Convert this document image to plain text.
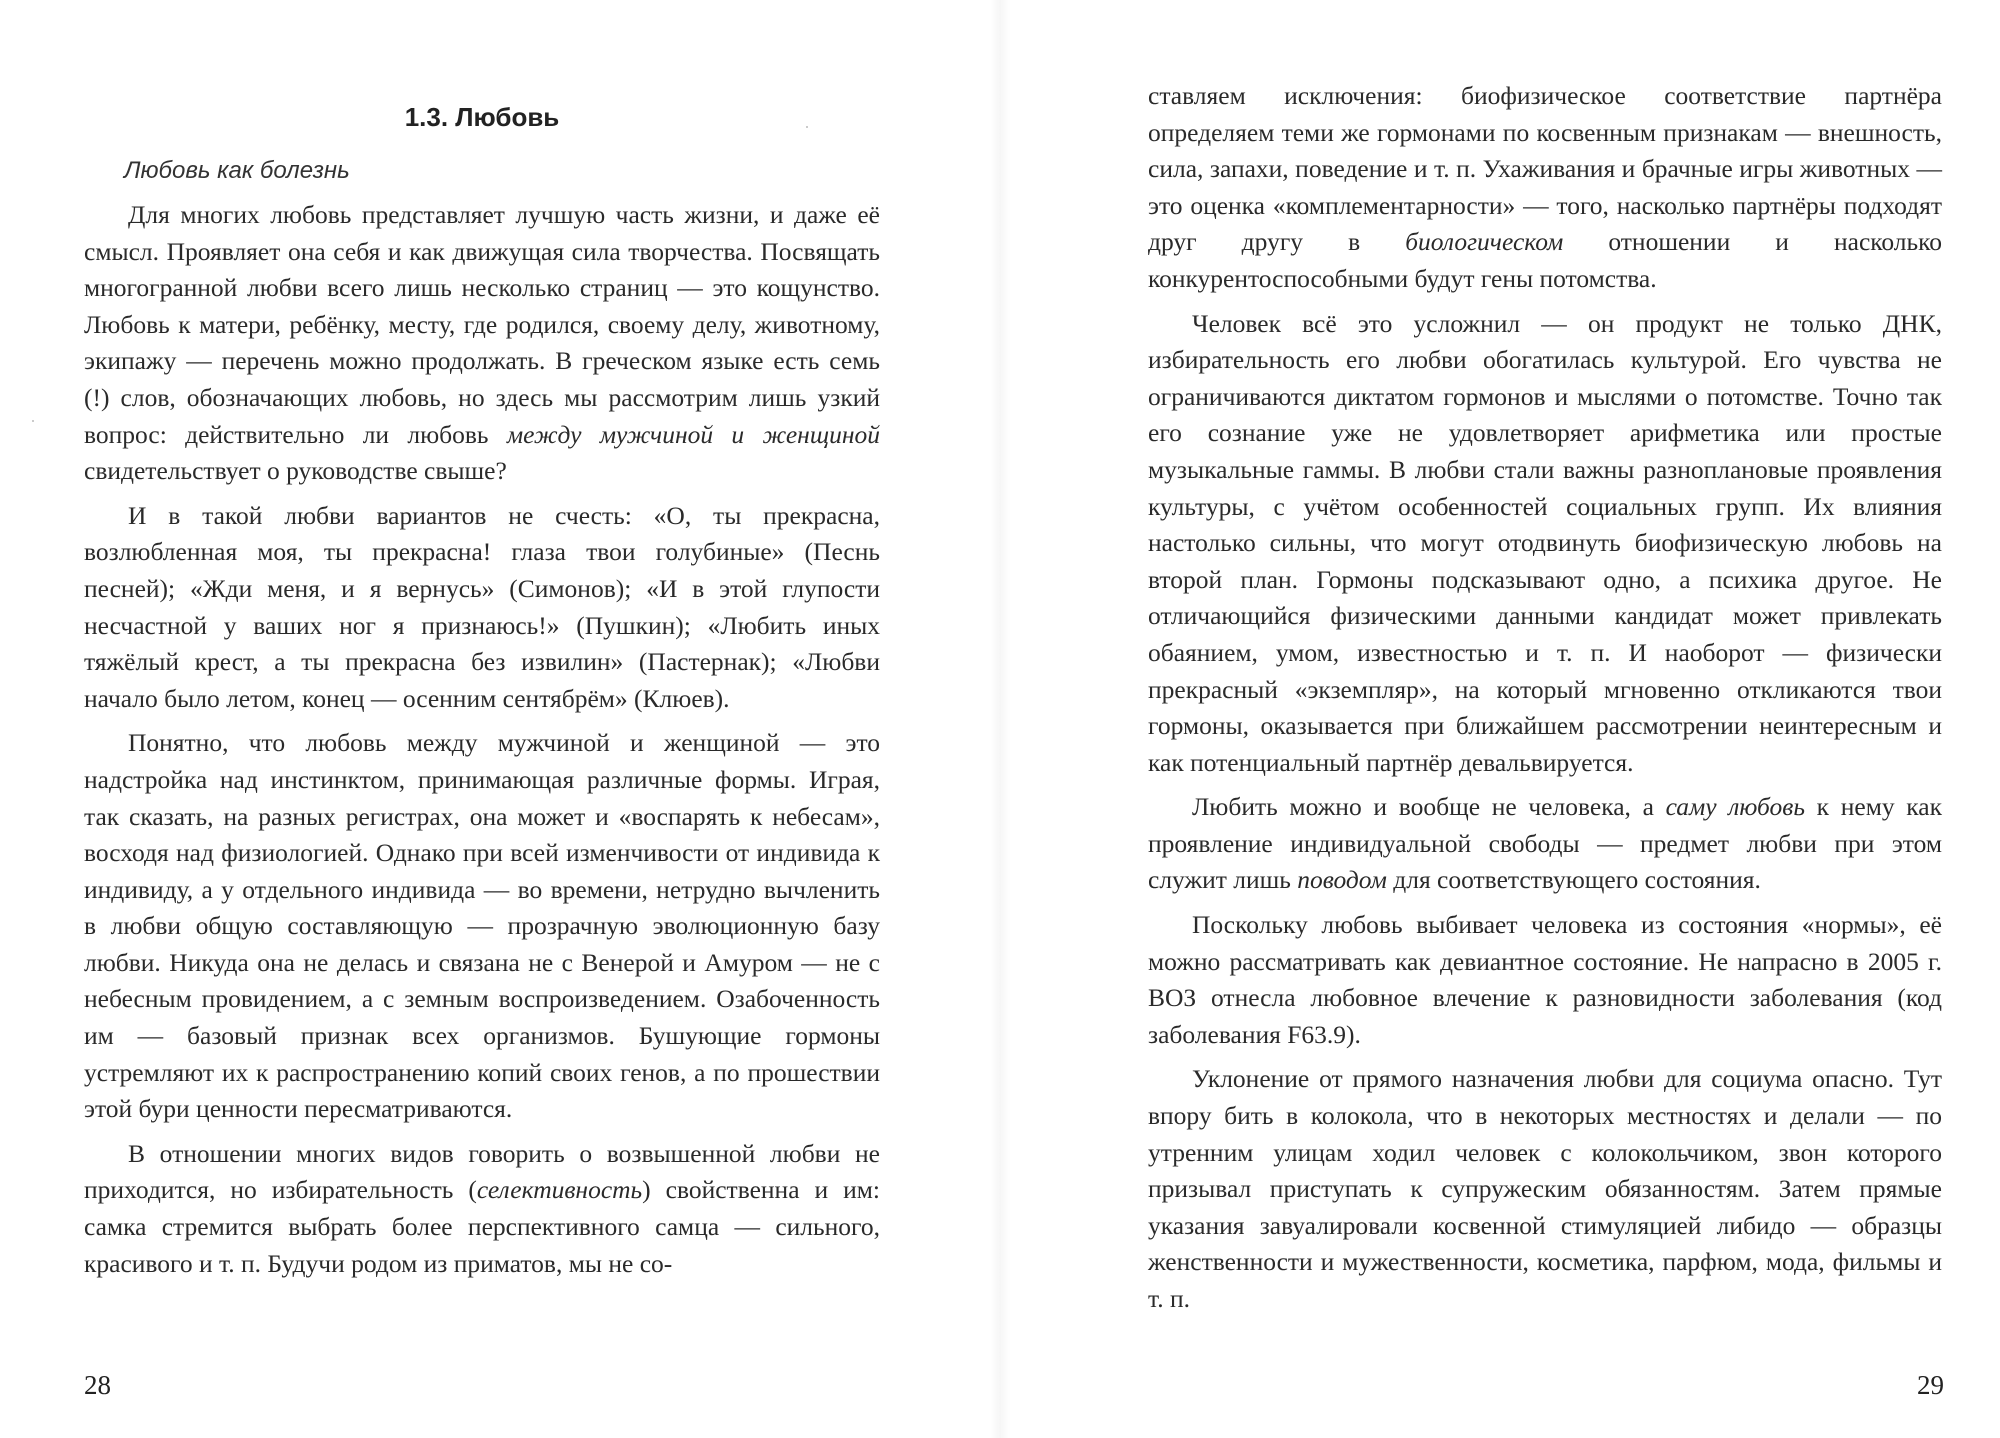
1.3. Любовь
Любовь как болезнь

Для многих любовь представляет лучшую часть жизни, и даже её смысл. Проявляет она себя и как движущая сила творчества. Посвящать многогранной любви всего лишь несколько страниц — это кощунство. Любовь к матери, ребёнку, месту, где родился, своему делу, животному, экипажу — перечень можно продолжать. В греческом языке есть семь (!) слов, обозначающих любовь, но здесь мы рассмотрим лишь узкий вопрос: действительно ли любовь между мужчиной и женщиной свидетельствует о руководстве свыше?

И в такой любви вариантов не счесть: «О, ты прекрасна, возлюбленная моя, ты прекрасна! глаза твои голубиные» (Песнь песней); «Жди меня, и я вернусь» (Симонов); «И в этой глупости несчастной у ваших ног я признаюсь!» (Пушкин); «Любить иных тяжёлый крест, а ты прекрасна без извилин» (Пастернак); «Любви начало было летом, конец — осенним сентябрём» (Клюев).

Понятно, что любовь между мужчиной и женщиной — это надстройка над инстинктом, принимающая различные формы. Играя, так сказать, на разных регистрах, она может и «воспарять к небесам», восходя над физиологией. Однако при всей изменчивости от индивида к индивиду, а у отдельного индивида — во времени, нетрудно вычленить в любви общую составляющую — прозрачную эволюционную базу любви. Никуда она не делась и связана не с Венерой и Амуром — не с небесным провидением, а с земным воспроизведением. Озабоченность им — базовый признак всех организмов. Бушующие гормоны устремляют их к распространению копий своих генов, а по прошествии этой бури ценности пересматриваются.

В отношении многих видов говорить о возвышенной любви не приходится, но избирательность (селективность) свойственна и им: самка стремится выбрать более перспективного самца — сильного, красивого и т. п. Будучи родом из приматов, мы не со-

28

ставляем исключения: биофизическое соответствие партнёра определяем теми же гормонами по косвенным признакам — внешность, сила, запахи, поведение и т. п. Ухаживания и брачные игры животных — это оценка «комплементарности» — того, насколько партнёры подходят друг другу в биологическом отношении и насколько конкурентоспособными будут гены потомства.

Человек всё это усложнил — он продукт не только ДНК, избирательность его любви обогатилась культурой. Его чувства не ограничиваются диктатом гормонов и мыслями о потомстве. Точно так его сознание уже не удовлетворяет арифметика или простые музыкальные гаммы. В любви стали важны разноплановые проявления культуры, с учётом особенностей социальных групп. Их влияния настолько сильны, что могут отодвинуть биофизическую любовь на второй план. Гормоны подсказывают одно, а психика другое. Не отличающийся физическими данными кандидат может привлекать обаянием, умом, известностью и т. п. И наоборот — физически прекрасный «экземпляр», на который мгновенно откликаются твои гормоны, оказывается при ближайшем рассмотрении неинтересным и как потенциальный партнёр девальвируется.

Любить можно и вообще не человека, а саму любовь к нему как проявление индивидуальной свободы — предмет любви при этом служит лишь поводом для соответствующего состояния.

Поскольку любовь выбивает человека из состояния «нормы», её можно рассматривать как девиантное состояние. Не напрасно в 2005 г. ВОЗ отнесла любовное влечение к разновидности заболевания (код заболевания F63.9).

Уклонение от прямого назначения любви для социума опасно. Тут впору бить в колокола, что в некоторых местностях и делали — по утренним улицам ходил человек с колокольчиком, звон которого призывал приступать к супружеским обязанностям. Затем прямые указания завуалировали косвенной стимуляцией либидо — образцы женственности и мужественности, косметика, парфюм, мода, фильмы и т. п.

29
